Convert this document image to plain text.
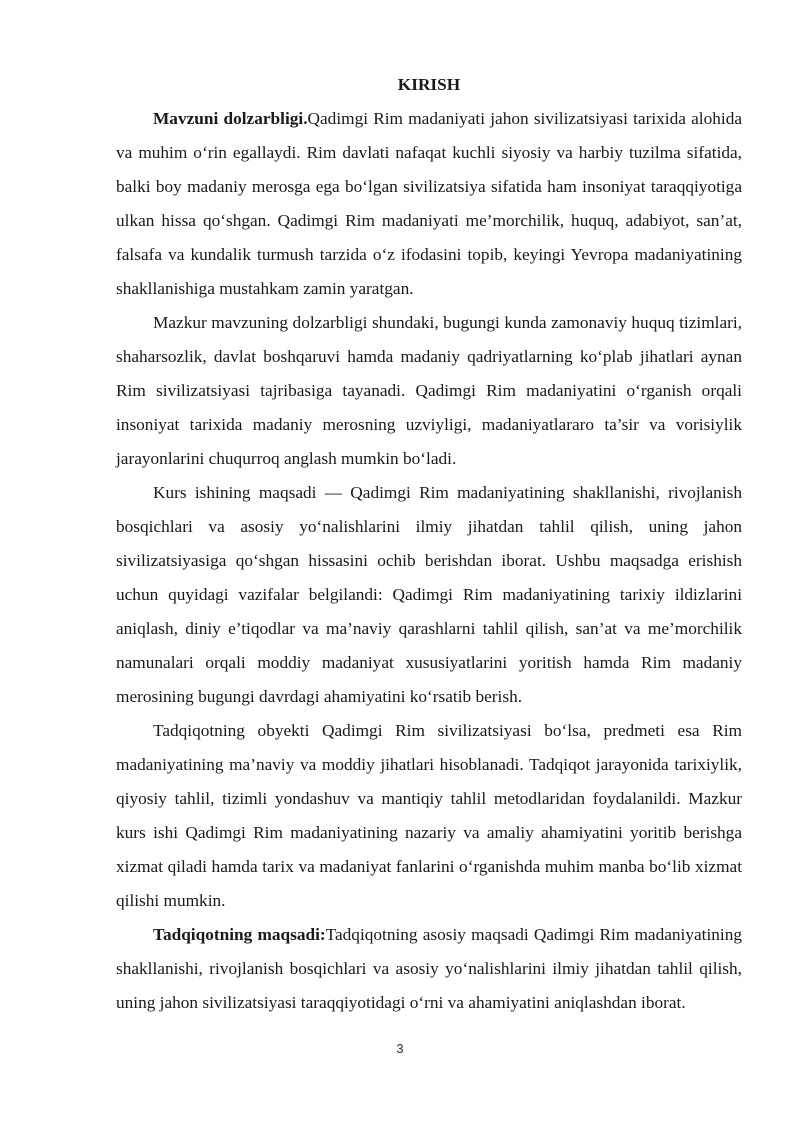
KIRISH

Mavzuni dolzarbligi.Qadimgi Rim madaniyati jahon sivilizatsiyasi tarixida alohida va muhim o‘rin egallaydi. Rim davlati nafaqat kuchli siyosiy va harbiy tuzilma sifatida, balki boy madaniy merosga ega bo‘lgan sivilizatsiya sifatida ham insoniyat taraqqiyotiga ulkan hissa qo‘shgan. Qadimgi Rim madaniyati me’morchilik, huquq, adabiyot, san’at, falsafa va kundalik turmush tarzida o‘z ifodasini topib, keyingi Yevropa madaniyatining shakllanishiga mustahkam zamin yaratgan.

Mazkur mavzuning dolzarbligi shundaki, bugungi kunda zamonaviy huquq tizimlari, shaharsozlik, davlat boshqaruvi hamda madaniy qadriyatlarning ko‘plab jihatlari aynan Rim sivilizatsiyasi tajribasiga tayanadi. Qadimgi Rim madaniyatini o‘rganish orqali insoniyat tarixida madaniy merosning uzviyligi, madaniyatlararo ta’sir va vorisiylik jarayonlarini chuqurroq anglash mumkin bo‘ladi.

Kurs ishining maqsadi — Qadimgi Rim madaniyatining shakllanishi, rivojlanish bosqichlari va asosiy yo‘nalishlarini ilmiy jihatdan tahlil qilish, uning jahon sivilizatsiyasiga qo‘shgan hissasini ochib berishdan iborat. Ushbu maqsadga erishish uchun quyidagi vazifalar belgilandi: Qadimgi Rim madaniyatining tarixiy ildizlarini aniqlash, diniy e’tiqodlar va ma’naviy qarashlarni tahlil qilish, san’at va me’morchilik namunalari orqali moddiy madaniyat xususiyatlarini yoritish hamda Rim madaniy merosining bugungi davrdagi ahamiyatini ko‘rsatib berish.

Tadqiqotning obyekti Qadimgi Rim sivilizatsiyasi bo‘lsa, predmeti esa Rim madaniyatining ma’naviy va moddiy jihatlari hisoblanadi. Tadqiqot jarayonida tarixiylik, qiyosiy tahlil, tizimli yondashuv va mantiqiy tahlil metodlaridan foydalanildi. Mazkur kurs ishi Qadimgi Rim madaniyatining nazariy va amaliy ahamiyatini yoritib berishga xizmat qiladi hamda tarix va madaniyat fanlarini o‘rganishda muhim manba bo‘lib xizmat qilishi mumkin.

Tadqiqotning maqsadi:Tadqiqotning asosiy maqsadi Qadimgi Rim madaniyatining shakllanishi, rivojlanish bosqichlari va asosiy yo‘nalishlarini ilmiy jihatdan tahlil qilish, uning jahon sivilizatsiyasi taraqqiyotidagi o‘rni va ahamiyatini aniqlashdan iborat.

3
